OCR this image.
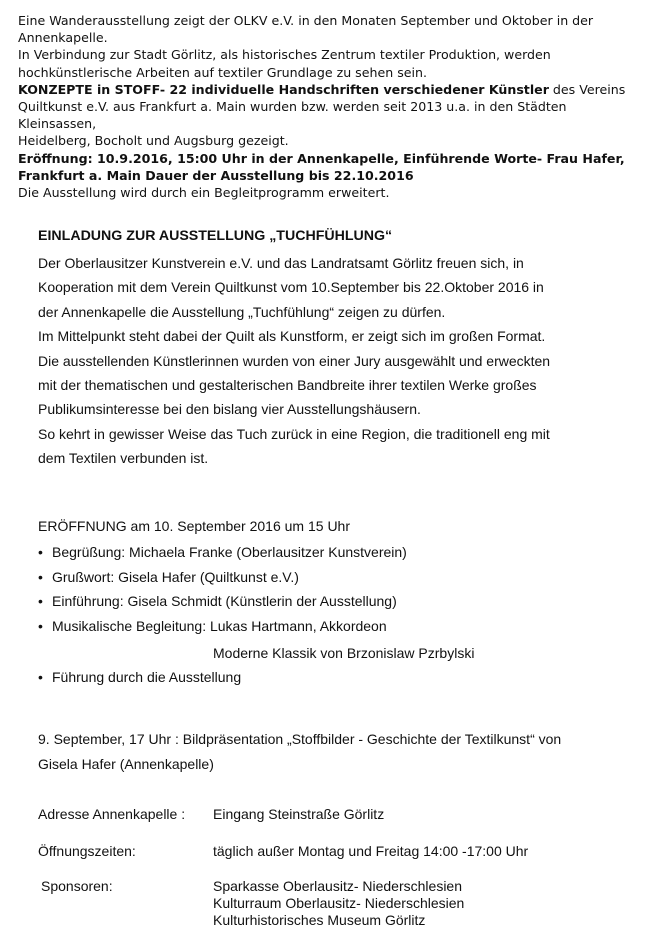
Eine Wanderausstellung zeigt der OLKV e.V. in den Monaten September und Oktober in der

Annenkapelle.

In Verbindung zur Stadt Görlitz, als historisches Zentrum textiler Produktion, werden

hochkünstlerische Arbeiten auf textiler Grundlage zu sehen sein.

KONZEPTE in STOFF- 22 individuelle Handschriften verschiedener Künstler des Vereins

Quiltkunst e.V. aus Frankfurt a. Main wurden bzw. werden seit 2013 u.a. in den Städten Kleinsassen,

Heidelberg, Bocholt und Augsburg gezeigt.

Eröffnung: 10.9.2016, 15:00 Uhr in der Annenkapelle, Einführende Worte- Frau Hafer,

Frankfurt a. Main Dauer der Ausstellung bis 22.10.2016

Die Ausstellung wird durch ein Begleitprogramm erweitert.

EINLADUNG ZUR AUSSTELLUNG „TUCHFÜHLUNG“
Der Oberlausitzer Kunstverein e.V. und das Landratsamt Görlitz freuen sich, in
Kooperation mit dem Verein Quiltkunst vom 10.September bis 22.Oktober 2016 in
der Annenkapelle die Ausstellung „Tuchfühlung“ zeigen zu dürfen.
Im Mittelpunkt steht dabei der Quilt als Kunstform, er zeigt sich im großen Format.
Die ausstellenden Künstlerinnen wurden von einer Jury ausgewählt und erweckten
mit der thematischen und gestalterischen Bandbreite ihrer textilen Werke großes
Publikumsinteresse bei den bislang vier Ausstellungshäusern.
So kehrt in gewisser Weise das Tuch zurück in eine Region, die traditionell eng mit
dem Textilen verbunden ist.
ERÖFFNUNG am 10. September 2016 um 15 Uhr
• Begrüßung: Michaela Franke (Oberlausitzer Kunstverein)
• Grußwort: Gisela Hafer (Quiltkunst e.V.)
• Einführung: Gisela Schmidt (Künstlerin der Ausstellung)
• Musikalische Begleitung: Lukas Hartmann, Akkordeon
Moderne Klassik von Brzonislaw Pzrbylski
• Führung durch die Ausstellung
9. September, 17 Uhr : Bildpräsentation „Stoffbilder - Geschichte der Textilkunst“ von
Gisela Hafer (Annenkapelle)
Adresse Annenkapelle : Eingang Steinstraße Görlitz
Öffnungszeiten:	täglich außer Montag und Freitag 14:00 -17:00 Uhr
Sponsoren:	Sparkasse Oberlausitz- Niederschlesien
Kulturraum Oberlausitz- Niederschlesien
Kulturhistorisches Museum Görlitz
